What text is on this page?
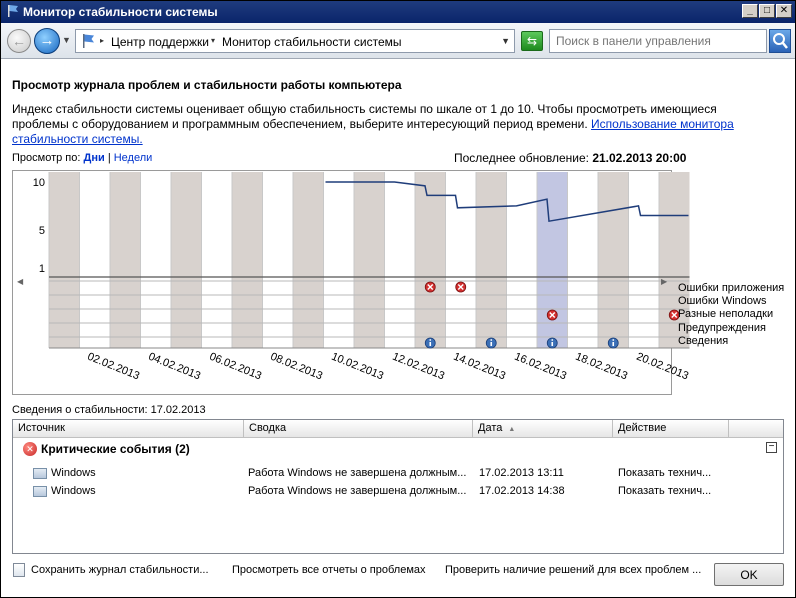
Монитор стабильности системы	_	□ ✕
← → ▼	▸ Центр поддержки ▾ Монитор стабильности системы	▼	⇆
Поиск в панели управления
Просмотр журнала проблем и стабильности работы компьютера
Индекс стабильности системы оценивает общую стабильность системы по шкале от 1 до 10. Чтобы просмотреть имеющиеся проблемы с оборудованием и программным обеспечением, выберите интересующий период времени. Использование монитора стабильности системы.
Просмотр по: Дни | Недели	Последнее обновление: 21.02.2013 20:00
10
5
1
02.02.2013 04.02.2013 06.02.2013 08.02.2013 10.02.2013 12.02.2013 14.02.2013 16.02.2013 18.02.2013 20.02.2013
◀	▶
Ошибки приложения
Ошибки Windows
Разные неполадки
Предупреждения
Сведения
Сведения о стабильности: 17.02.2013
Источник	Сводка	Дата ▲	Действие
✕ Критические события (2)	−
Windows	Работа Windows не завершена должным... 17.02.2013 13:11	Показать технич...
Windows	Работа Windows не завершена должным... 17.02.2013 14:38	Показать технич...
Сохранить журнал стабильности... Просмотреть все отчеты о проблемах Проверить наличие решений для всех проблем ...	OK
